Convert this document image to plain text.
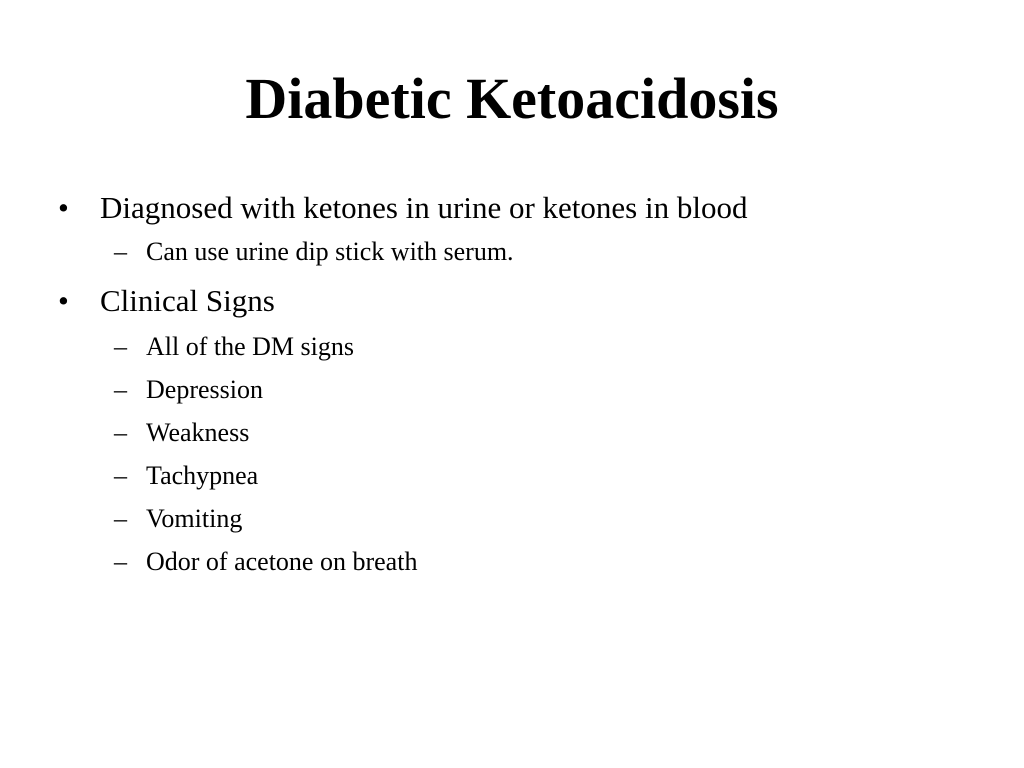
Diabetic Ketoacidosis
•	Diagnosed with ketones in urine or ketones in blood
– Can use urine dip stick with serum.
•	Clinical Signs
– All of the DM signs
– Depression
– Weakness
– Tachypnea
– Vomiting
– Odor of acetone on breath
